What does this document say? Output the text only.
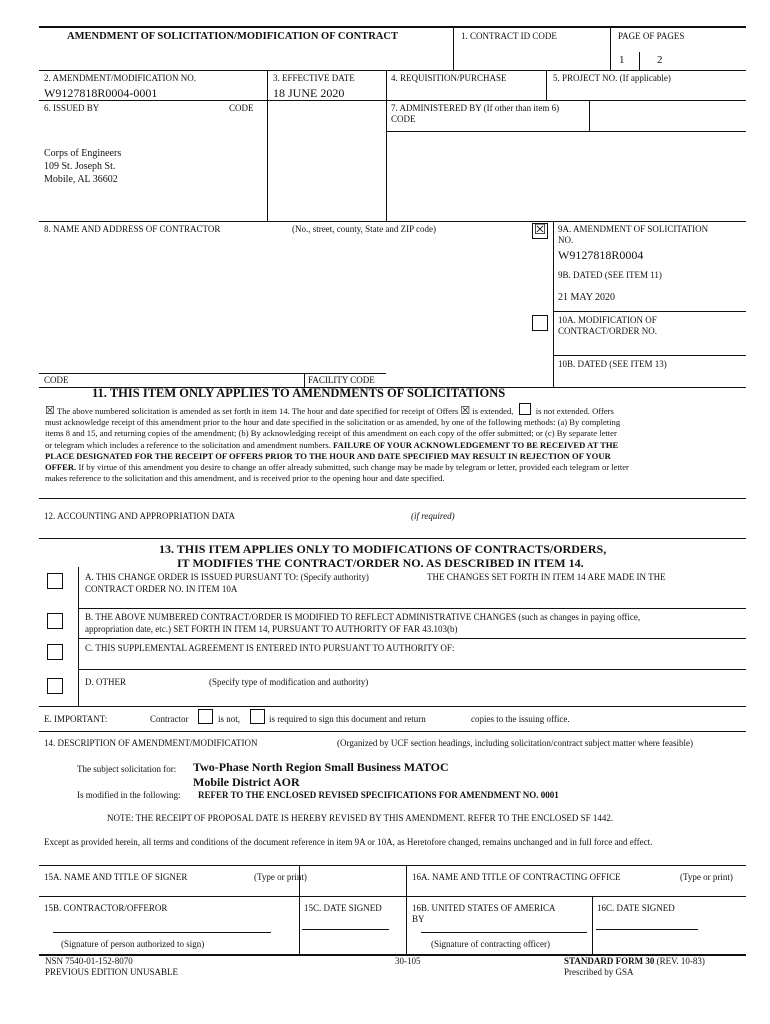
AMENDMENT OF SOLICITATION/MODIFICATION OF CONTRACT	1. CONTRACT ID CODE	PAGE OF PAGES
1	2
2. AMENDMENT/MODIFICATION NO.
W9127818R0004-0001
3. EFFECTIVE DATE
18 JUNE 2020
4. REQUISITION/PURCHASE	5. PROJECT NO. (If applicable)
6. ISSUED BY	CODE	7. ADMINISTERED BY (If other than item 6)
CODE
Corps of Engineers
109 St. Joseph St.
Mobile, AL 36602
8. NAME AND ADDRESS OF CONTRACTOR	(No., street, county, State and ZIP code)	☒ 9A. AMENDMENT OF SOLICITATION
NO.
W9127818R0004
9B. DATED (SEE ITEM 11)
21 MAY 2020
10A. MODIFICATION OF
CONTRACT/ORDER NO.
10B. DATED (SEE ITEM 13)
CODE	FACILITY CODE
11. THIS ITEM ONLY APPLIES TO AMENDMENTS OF SOLICITATIONS
☒ The above numbered solicitation is amended as set forth in item 14. The hour and date specified for receipt of Offers ☒ is extended,	is not extended. Offers
must acknowledge receipt of this amendment prior to the hour and date specified in the solicitation or as amended, by one of the following methods: (a) By completing
items 8 and 15, and returning copies of the amendment; (b) By acknowledging receipt of this amendment on each copy of the offer submitted; or (c) By separate letter
or telegram which includes a reference to the solicitation and amendment numbers. FAILURE OF YOUR ACKNOWLEDGEMENT TO BE RECEIVED AT THE
PLACE DESIGNATED FOR THE RECEIPT OF OFFERS PRIOR TO THE HOUR AND DATE SPECIFIED MAY RESULT IN REJECTION OF YOUR
OFFER. If by virtue of this amendment you desire to change an offer already submitted, such change may be made by telegram or letter, provided each telegram or letter
makes reference to the solicitation and this amendment, and is received prior to the opening hour and date specified.
12. ACCOUNTING AND APPROPRIATION DATA	(if required)
13. THIS ITEM APPLIES ONLY TO MODIFICATIONS OF CONTRACTS/ORDERS,
IT MODIFIES THE CONTRACT/ORDER NO. AS DESCRIBED IN ITEM 14.
A. THIS CHANGE ORDER IS ISSUED PURSUANT TO: (Specify authority)	THE CHANGES SET FORTH IN ITEM 14 ARE MADE IN THE
CONTRACT ORDER NO. IN ITEM 10A
B. THE ABOVE NUMBERED CONTRACT/ORDER IS MODIFIED TO REFLECT ADMINISTRATIVE CHANGES (such as changes in paying office,
appropriation date, etc.) SET FORTH IN ITEM 14, PURSUANT TO AUTHORITY OF FAR 43.103(b)
C. THIS SUPPLEMENTAL AGREEMENT IS ENTERED INTO PURSUANT TO AUTHORITY OF:
D. OTHER	(Specify type of modification and authority)
E. IMPORTANT:	Contractor	is not,	is required to sign this document and return	copies to the issuing office.
14. DESCRIPTION OF AMENDMENT/MODIFICATION	(Organized by UCF section headings, including solicitation/contract subject matter where feasible)
The subject solicitation for: Two-Phase North Region Small Business MATOC
Mobile District AOR
Is modified in the following: REFER TO THE ENCLOSED REVISED SPECIFICATIONS FOR AMENDMENT NO. 0001
NOTE: THE RECEIPT OF PROPOSAL DATE IS HEREBY REVISED BY THIS AMENDMENT. REFER TO THE ENCLOSED SF 1442.
Except as provided herein, all terms and conditions of the document reference in item 9A or 10A, as Heretofore changed, remains unchanged and in full force and effect.
15A. NAME AND TITLE OF SIGNER	(Type or print)	16A. NAME AND TITLE OF CONTRACTING OFFICE	(Type or print)
15B. CONTRACTOR/OFFEROR	15C. DATE SIGNED	16B. UNITED STATES OF AMERICA
BY
16C. DATE SIGNED
(Signature of person authorized to sign)	(Signature of contracting officer)
NSN 7540-01-152-8070
PREVIOUS EDITION UNUSABLE
30-105	STANDARD FORM 30 (REV. 10-83)
Prescribed by GSA
